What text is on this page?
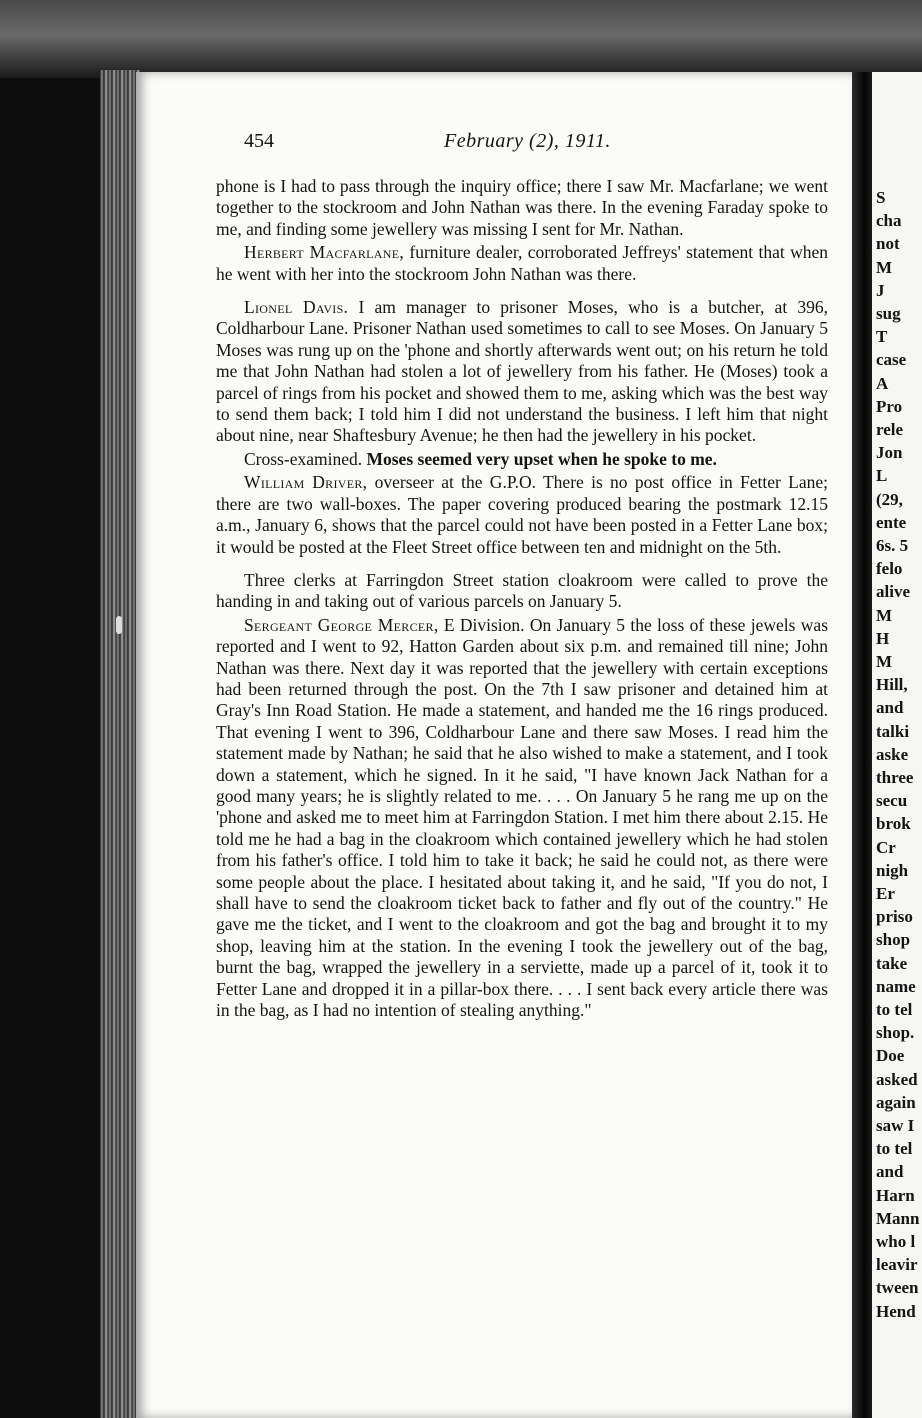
454	February (2), 1911.

phone is I had to pass through the inquiry office; there I saw Mr. Macfarlane; we went together to the stockroom and John Nathan was there. In the evening Faraday spoke to me, and finding some jewellery was missing I sent for Mr. Nathan.

Herbert Macfarlane, furniture dealer, corroborated Jeffreys' statement that when he went with her into the stockroom John Nathan was there.

Lionel Davis. I am manager to prisoner Moses, who is a butcher, at 396, Coldharbour Lane. Prisoner Nathan used sometimes to call to see Moses. On January 5 Moses was rung up on the 'phone and shortly afterwards went out; on his return he told me that John Nathan had stolen a lot of jewellery from his father. He (Moses) took a parcel of rings from his pocket and showed them to me, asking which was the best way to send them back; I told him I did not understand the business. I left him that night about nine, near Shaftesbury Avenue; he then had the jewellery in his pocket.

Cross-examined. Moses seemed very upset when he spoke to me.

William Driver, overseer at the G.P.O. There is no post office in Fetter Lane; there are two wall-boxes. The paper covering produced bearing the postmark 12.15 a.m., January 6, shows that the parcel could not have been posted in a Fetter Lane box; it would be posted at the Fleet Street office between ten and midnight on the 5th.

Three clerks at Farringdon Street station cloakroom were called to prove the handing in and taking out of various parcels on January 5.

Sergeant George Mercer, E Division. On January 5 the loss of these jewels was reported and I went to 92, Hatton Garden about six p.m. and remained till nine; John Nathan was there. Next day it was reported that the jewellery with certain exceptions had been returned through the post. On the 7th I saw prisoner and detained him at Gray's Inn Road Station. He made a statement, and handed me the 16 rings produced. That evening I went to 396, Coldharbour Lane and there saw Moses. I read him the statement made by Nathan; he said that he also wished to make a statement, and I took down a statement, which he signed. In it he said, "I have known Jack Nathan for a good many years; he is slightly related to me. . . . On January 5 he rang me up on the 'phone and asked me to meet him at Farringdon Station. I met him there about 2.15. He told me he had a bag in the cloakroom which contained jewellery which he had stolen from his father's office. I told him to take it back; he said he could not, as there were some people about the place. I hesitated about taking it, and he said, "If you do not, I shall have to send the cloakroom ticket back to father and fly out of the country." He gave me the ticket, and I went to the cloakroom and got the bag and brought it to my shop, leaving him at the station. In the evening I took the jewellery out of the bag, burnt the bag, wrapped the jewellery in a serviette, made up a parcel of it, took it to Fetter Lane and dropped it in a pillar-box there. . . . I sent back every article there was in the bag, as I had no intention of stealing anything."

S
cha
not
M
J
sug
T
case
A
Pro
rele
Jon
L
(29,
ente
6s. 5
felo
alive
M
H
M
Hill,
and
talki
aske
three
secu
brok
Cr
nigh
Er
priso
shop
take
name
to tel
shop.
Doe
asked
again
saw I
to tel
and
Harn
Mann
who l
leavir
tween
Hend
